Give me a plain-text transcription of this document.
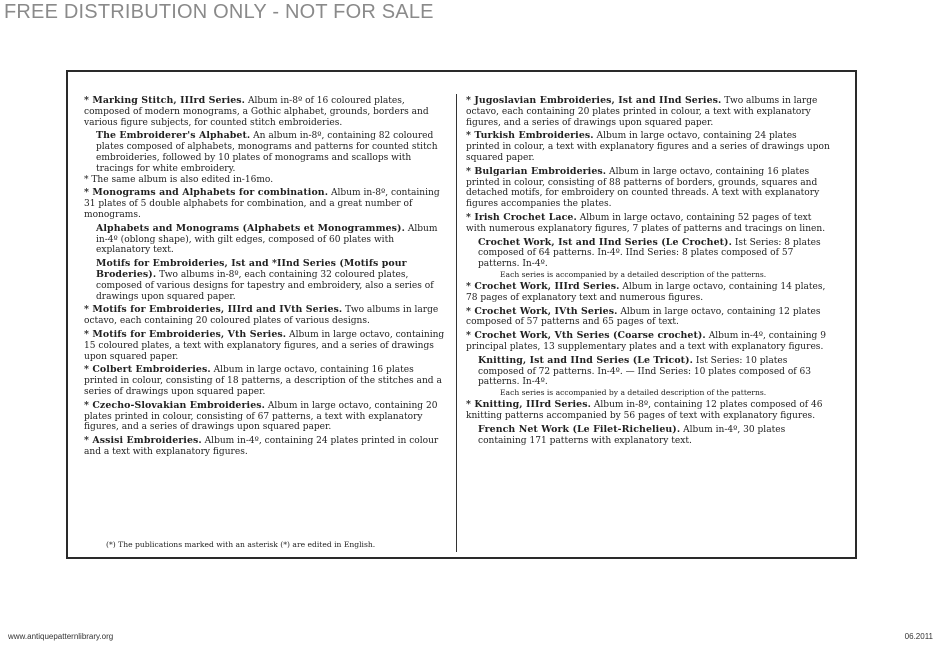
FREE DISTRIBUTION ONLY - NOT FOR SALE

* Marking Stitch, IIIrd Series. Album in-8º of 16 coloured plates, composed of modern monograms, a Gothic alphabet, grounds, borders and various figure subjects, for counted stitch embroideries.

The Embroiderer's Alphabet. An album in-8º, containing 82 coloured plates composed of alphabets, monograms and patterns for counted stitch embroideries, followed by 10 plates of monograms and scallops with tracings for white embroidery.

* The same album is also edited in-16mo.

* Monograms and Alphabets for combination. Album in-8º, containing 31 plates of 5 double alphabets for combination, and a great number of monograms.

Alphabets and Monograms (Alphabets et Monogrammes). Album in-4º (oblong shape), with gilt edges, composed of 60 plates with explanatory text.

Motifs for Embroideries, Ist and *IInd Series (Motifs pour Broderies). Two albums in-8º, each containing 32 coloured plates, composed of various designs for tapestry and embroidery, also a series of drawings upon squared paper.

* Motifs for Embroideries, IIIrd and IVth Series. Two albums in large octavo, each containing 20 coloured plates of various designs.

* Motifs for Embroideries, Vth Series. Album in large octavo, containing 15 coloured plates, a text with explanatory figures, and a series of drawings upon squared paper.

* Colbert Embroideries. Album in large octavo, containing 16 plates printed in colour, consisting of 18 patterns, a description of the stitches and a series of drawings upon squared paper.

* Czecho-Slovakian Embroideries. Album in large octavo, containing 20 plates printed in colour, consisting of 67 patterns, a text with explanatory figures, and a series of drawings upon squared paper.

* Assisi Embroideries. Album in-4º, containing 24 plates printed in colour and a text with explanatory figures.

* Jugoslavian Embroideries, Ist and IInd Series. Two albums in large octavo, each containing 20 plates printed in colour, a text with explanatory figures, and a series of drawings upon squared paper.

* Turkish Embroideries. Album in large octavo, containing 24 plates printed in colour, a text with explanatory figures and a series of drawings upon squared paper.

* Bulgarian Embroideries. Album in large octavo, containing 16 plates printed in colour, consisting of 88 patterns of borders, grounds, squares and detached motifs, for embroidery on counted threads. A text with explanatory figures accompanies the plates.

* Irish Crochet Lace. Album in large octavo, containing 52 pages of text with numerous explanatory figures, 7 plates of patterns and tracings on linen.

Crochet Work, Ist and IInd Series (Le Crochet). Ist Series: 8 plates composed of 64 patterns. In-4º. IInd Series: 8 plates composed of 57 patterns. In-4º.

Each series is accompanied by a detailed description of the patterns.

* Crochet Work, IIIrd Series. Album in large octavo, containing 14 plates, 78 pages of explanatory text and numerous figures.

* Crochet Work, IVth Series. Album in large octavo, containing 12 plates composed of 57 patterns and 65 pages of text.

* Crochet Work, Vth Series (Coarse crochet). Album in-4º, containing 9 principal plates, 13 supplementary plates and a text with explanatory figures.

Knitting, Ist and IInd Series (Le Tricot). Ist Series: 10 plates composed of 72 patterns. In-4º. — IInd Series: 10 plates composed of 63 patterns. In-4º.

Each series is accompanied by a detailed description of the patterns.

* Knitting, IIIrd Series. Album in-8º, containing 12 plates composed of 46 knitting patterns accompanied by 56 pages of text with explanatory figures.

French Net Work (Le Filet-Richelieu). Album in-4º, 30 plates containing 171 patterns with explanatory text.

(*) The publications marked with an asterisk (*) are edited in English.
www.antiquepatternlibrary.org	06.2011
